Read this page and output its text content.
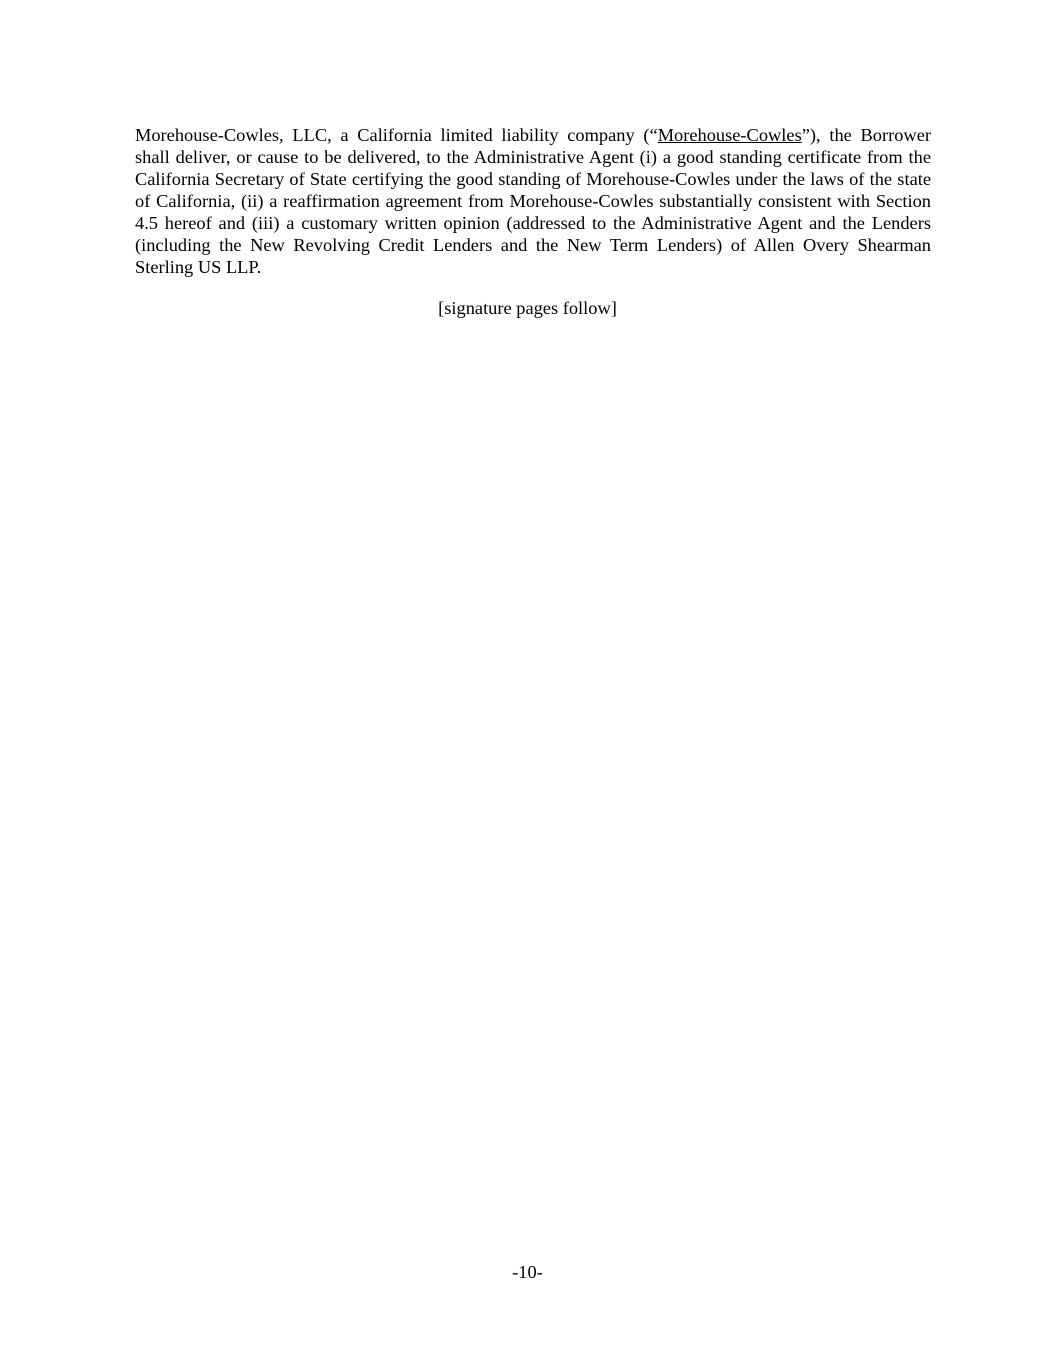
Morehouse-Cowles, LLC, a California limited liability company (“Morehouse-Cowles”), the Borrower shall deliver, or cause to be delivered, to the Administrative Agent (i) a good standing certificate from the California Secretary of State certifying the good standing of Morehouse-Cowles under the laws of the state of California, (ii) a reaffirmation agreement from Morehouse-Cowles substantially consistent with Section 4.5 hereof and (iii) a customary written opinion (addressed to the Administrative Agent and the Lenders (including the New Revolving Credit Lenders and the New Term Lenders) of Allen Overy Shearman Sterling US LLP.

[signature pages follow]

-10-
